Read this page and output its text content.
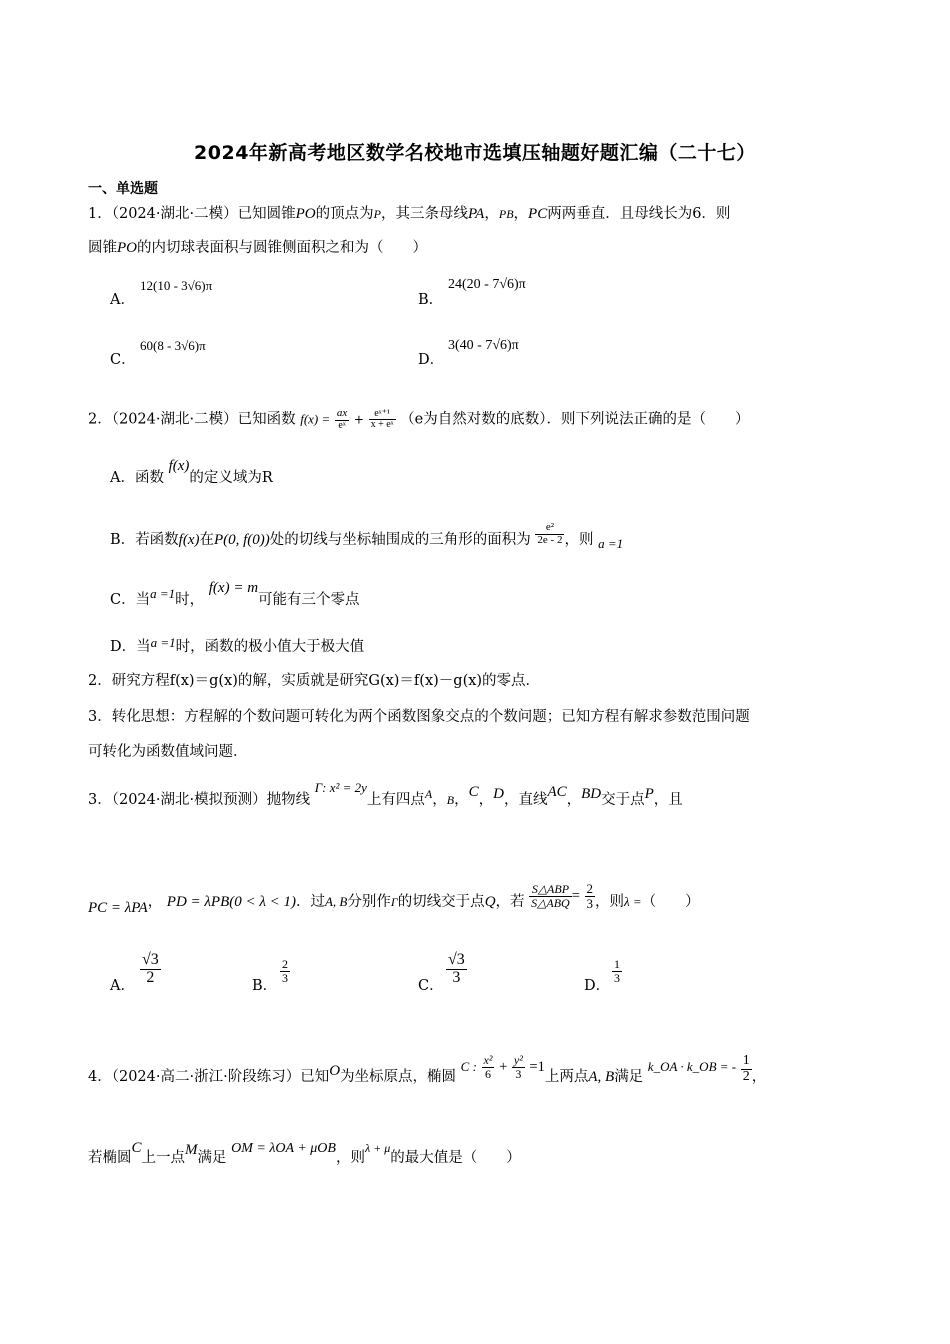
2024年新高考地区数学名校地市选填压轴题好题汇编（二十七）
一、单选题
1．（2024·湖北·二模）已知圆锥PO的顶点为P，其三条母线PA，PB，PC两两垂直．且母线长为6．则
圆锥PO的内切球表面积与圆锥侧面积之和为（　　）
A．
12(10 - 3√6)π
B．
24(20 - 7√6)π
C．
60(8 - 3√6)π
D．
3(40 - 7√6)π
2．（2024·湖北·二模）已知函数 $f(x) = \frac{ax}{\text{eˣ}} + \frac{\text{eˣ⁺¹}}{\text{x + eˣ}} (e$为自然对数的底数）．则下列说法正确的是（　　）
A．函数 f(x)的定义域为R
B．若函数f(x)在P(0, f(0))处的切线与坐标轴围成的三角形的面积为 $\frac{\text{e²}}{2e - 2}$ ，则 a =1
C．当a =1时， f(x) = m可能有三个零点
D．当a =1时，函数的极小值大于极大值
2．研究方程f(x)＝g(x)的解，实质就是研究G(x)＝f(x)－g(x)的零点．
3．转化思想：方程解的个数问题可转化为两个函数图象交点的个数问题；已知方程有解求参数范围问题
可转化为函数值域问题．
3．（2024·湖北·模拟预测）抛物线 Γ: x² = 2y上有四点$^A$，B，C，D，直线AC，BD交于点P，且
PC = λPA， PD = λPB(0 < λ < 1)．过A, B分别作Γ的切线交于点Q，若 $\frac{\text{S△ABP}}{\text{S△ABQ}} = \frac{2}{3}$ ，则λ =（　　）
A． $\frac{√3}{2}$	B．
$\frac{2}{3}$
C． $\frac{√3}{3}$	D．
$\frac{1}{3}$
4．（2024·高二·浙江·阶段练习）已知O为坐标原点，椭圆 C : $\frac{\text{x²}}{6} + \frac{\text{y²}}{3} =1$上两点A, B满足 k_OA · k_OB = - $\frac{1}{2}$ ，
若椭圆C上一点M满足 OM = λOA + μOB，则$^{\lambda + \mu}$的最大值是（　　）
